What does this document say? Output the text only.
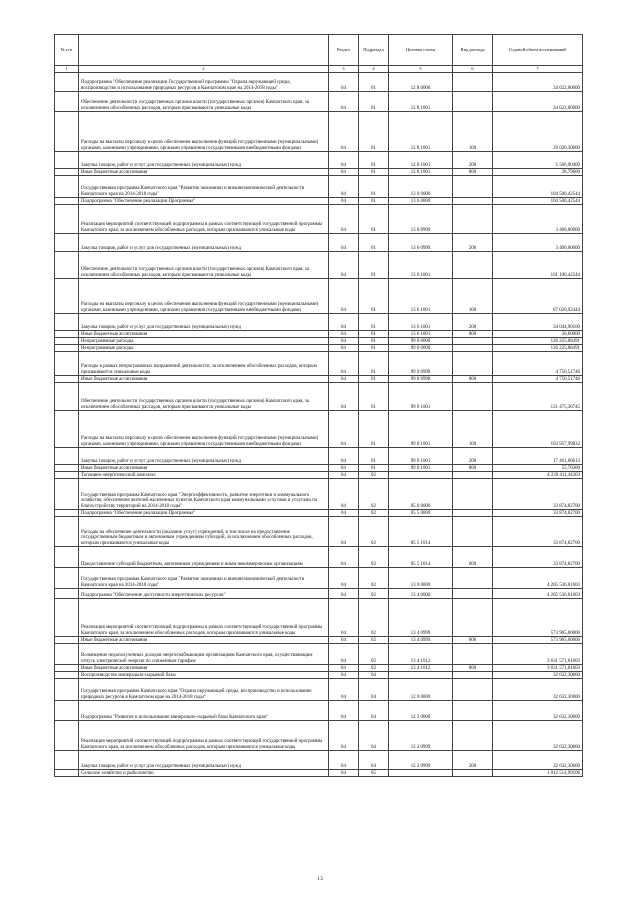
№ п/п		Раздел	Подраздел	Целевая статья	Вид расхода	Годовой объем ассигнований
1	2	3	4	5	6	7
	Подпрограмма "Обеспечение реализации Государственной программы "Охрана окружающей среды, воспроизводство и использование природных ресурсов в Камчатском крае на 2014-2018 годы"	04	01	12 8 0000		34 622,00000
	Обеспечение деятельности государственных органов власти (государственных органов) Камчатского края, за исключением обособленных расходов, которым присваиваются уникальные коды	04	01	12 8 1001		34 622,00000
	Расходы на выплаты персоналу в целях обеспечения выполнения функций государственными (муниципальными) органами, казенными учреждениями, органами управления государственными внебюджетными фондами	04	01	12 8 1001	100	29 026,30000
	Закупка товаров, работ и услуг для государственных (муниципальных) нужд	04	01	12 8 1001	200	5 566,90400
	Иные бюджетные ассигнования	04	01	12 8 1001	800	28,79600
	Государственная программа Камчатского края "Развитие экономики и внешнеэкономической деятельности Камчатского края на 2014-2018 годы"	04	01	13 0 0000		104 500,42544
	Подпрограмма "Обеспечение реализации Программы"	04	01	13 6 0000		104 500,42544
	Реализация мероприятий соответствующей подпрограммы в рамках соответствующей государственной программы Камчатского края, за исключением обособленных расходов, которым присваиваются уникальные коды	04	01	13 6 0999		3 400,00000
	Закупка товаров, работ и услуг для государственных (муниципальных) нужд	04	01	13 6 0999	200	3 400,00000
	Обеспечение деятельности государственных органов власти (государственных органов) Камчатского края, за исключением обособленных расходов, которым присваиваются уникальные коды	04	01	13 6 1001		101 100,42544
	Расходы на выплаты персоналу в целях обеспечения выполнения функций государственными (муниципальными) органами, казенными учреждениями, органами управления государственными внебюджетными фондами	04	01	13 6 1001	100	67 026,92444
	Закупка товаров, работ и услуг для государственных (муниципальных) нужд	04	01	13 6 1001	200	34 044,90100
	Иные бюджетные ассигнования	04	01	13 6 1001	800	30,60000
	Непрограммные расходы	04	01	99 0 0000		126 225,88491
	Непрограммные расходы	04	01	99 0 0000		126 225,88491
	Расходы в рамках непрограммных направлений деятельности, за исключением обособленных расходов, которым присваиваются уникальные коды	04	01	99 0 0998		4 750,51746
	Иные бюджетные ассигнования	04	01	99 0 0998	800	4 750,51746
	Обеспечение деятельности государственных органов власти (государственных органов) Камчатского края, за исключением обособленных расходов, которым присваиваются уникальные коды	04	01	99 0 1001		121 475,36745
	Расходы на выплаты персоналу в целях обеспечения выполнения функций государственными (муниципальными) органами, казенными учреждениями, органами управления государственными внебюджетными фондами	04	01	99 0 1001	100	103 957,99832
	Закупка товаров, работ и услуг для государственных (муниципальных) нужд	04	01	99 0 1001	200	17 461,66613
	Иные бюджетные ассигнования	04	01	99 0 1001	800	55,70300
	Топливно-энергетический комплекс	04	02			4 239 411,44303
	Государственная программа Камчатского края "Энергоэффективность, развитие энергетики и коммунального хозяйства, обеспечение жителей населенных пунктов Камчатского края коммунальными услугами и услугами по благоустройству территорий на 2014-2018 годы"	04	02	05 0 0000		33 874,82700
	Подпрограмма "Обеспечение реализации Программы"	04	02	05 5 0000		33 874,82700
	Расходы на обеспечение деятельности (оказание услуг) учреждений, в том числе на предоставление государственным бюджетным и автономным учреждениям субсидий, за исключением обособленных расходов, которым присваиваются уникальные коды	04	02	05 5 1014		33 874,82700
	Предоставление субсидий бюджетным, автономным учреждениям и иным некоммерческим организациям	04	02	05 5 1014	600	33 874,82700
	Государственная программа Камчатского края "Развитие экономики и внешнеэкономической деятельности Камчатского края на 2014-2018 годы"	04	02	13 0 0000		4 205 536,61603
	Подпрограмма "Обеспечение доступности энергетических ресурсов"	04	02	13 4 0000		4 205 536,61603
	Реализация мероприятий соответствующей подпрограммы в рамках соответствующей государственной программы Камчатского края, за исключением обособленных расходов, которым присваиваются уникальные коды	04	02	13 4 0999		573 965,00000
	Иные бюджетные ассигнования	04	02	13 4 0999	800	573 965,00000
	Возмещение недополученных доходов энергоснабжающим организациям Камчатского края, осуществляющим отпуск электрической энергии по сниженным тарифам	04	02	13 4 1012		3 631 571,61603
	Иные бюджетные ассигнования	04	02	13 4 1012	800	3 631 571,61603
	Воспроизводство минерально-сырьевой базы	04	04			32 632,30600
	Государственная программа Камчатского края "Охрана окружающей среды, воспроизводство и использование природных ресурсов в Камчатском крае на 2014-2018 годы"	04	04	12 0 0000		32 632,30600
	Подпрограмма "Развитие и использование минерально-сырьевой базы Камчатского края"	04	04	12 2 0000		32 632,30600
	Реализация мероприятий соответствующей подпрограммы в рамках соответствующей государственной программы Камчатского края, за исключением обособленных расходов, которым присваиваются уникальные коды	04	04	12 2 0999		32 632,30600
	Закупка товаров, работ и услуг для государственных (муниципальных) нужд	04	04	12 2 0999	200	32 632,30600
	Сельское хозяйство и рыболовство	04	05			1 012 514,99106
13
